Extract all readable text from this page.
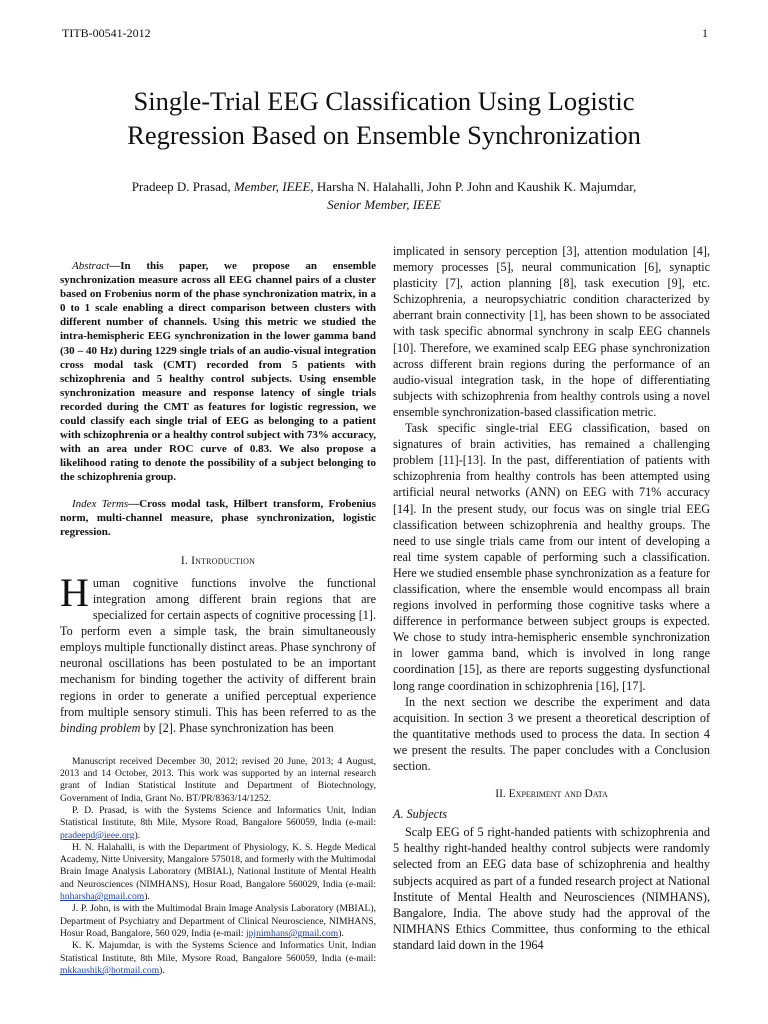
TITB-00541-2012	1
Single-Trial EEG Classification Using Logistic
Regression Based on Ensemble Synchronization
Pradeep D. Prasad, Member, IEEE, Harsha N. Halahalli, John P. John and Kaushik K. Majumdar,
Senior Member, IEEE

Abstract—In this paper, we propose an ensemble synchronization measure across all EEG channel pairs of a cluster based on Frobenius norm of the phase synchronization matrix, in a 0 to 1 scale enabling a direct comparison between clusters with different number of channels. Using this metric we studied the intra-hemispheric EEG synchronization in the lower gamma band (30 – 40 Hz) during 1229 single trials of an audio-visual integration cross modal task (CMT) recorded from 5 patients with schizophrenia and 5 healthy control subjects. Using ensemble synchronization measure and response latency of single trials recorded during the CMT as features for logistic regression, we could classify each single trial of EEG as belonging to a patient with schizophrenia or a healthy control subject with 73% accuracy, with an area under ROC curve of 0.83. We also propose a likelihood rating to denote the possibility of a subject belonging to the schizophrenia group.

Index Terms—Cross modal task, Hilbert transform, Frobenius norm, multi-channel measure, phase synchronization, logistic regression.

I. Introduction

Human cognitive functions involve the functional integration among different brain regions that are specialized for certain aspects of cognitive processing [1]. To perform even a simple task, the brain simultaneously employs multiple functionally distinct areas. Phase synchrony of neuronal oscillations has been postulated to be an important mechanism for binding together the activity of different brain regions in order to generate a unified perceptual experience from multiple sensory stimuli. This has been referred to as the binding problem by [2]. Phase synchronization has been

Manuscript received December 30, 2012; revised 20 June, 2013; 4 August, 2013 and 14 October, 2013. This work was supported by an internal research grant of Indian Statistical Institute and Department of Biotechnology, Government of India, Grant No. BT/PR/8363/14/1252.

P. D. Prasad, is with the Systems Science and Informatics Unit, Indian Statistical Institute, 8th Mile, Mysore Road, Bangalore 560059, India (e-mail: pradeepd@ieee.org).

H. N. Halahalli, is with the Department of Physiology, K. S. Hegde Medical Academy, Nitte University, Mangalore 575018, and formerly with the Multimodal Brain Image Analysis Laboratory (MBIAL), National Institute of Mental Health and Neurosciences (NIMHANS), Hosur Road, Bangalore 560029, India (e-mail: hnharsha@gmail.com).

J. P. John, is with the Multimodal Brain Image Analysis Laboratory (MBIAL), Department of Psychiatry and Department of Clinical Neuroscience, NIMHANS, Hosur Road, Bangalore, 560 029, India (e-mail: jpjnimhans@gmail.com).

K. K. Majumdar, is with the Systems Science and Informatics Unit, Indian Statistical Institute, 8th Mile, Mysore Road, Bangalore 560059, India (e-mail: mkkaushik@hotmail.com).

implicated in sensory perception [3], attention modulation [4], memory processes [5], neural communication [6], synaptic plasticity [7], action planning [8], task execution [9], etc. Schizophrenia, a neuropsychiatric condition characterized by aberrant brain connectivity [1], has been shown to be associated with task specific abnormal synchrony in scalp EEG channels [10]. Therefore, we examined scalp EEG phase synchronization across different brain regions during the performance of an audio-visual integration task, in the hope of differentiating subjects with schizophrenia from healthy controls using a novel ensemble synchronization-based classification metric.

Task specific single-trial EEG classification, based on signatures of brain activities, has remained a challenging problem [11]-[13]. In the past, differentiation of patients with schizophrenia from healthy controls has been attempted using artificial neural networks (ANN) on EEG with 71% accuracy [14]. In the present study, our focus was on single trial EEG classification between schizophrenia and healthy groups. The need to use single trials came from our intent of developing a real time system capable of performing such a classification. Here we studied ensemble phase synchronization as a feature for classification, where the ensemble would encompass all brain regions involved in performing those cognitive tasks where a difference in performance between subject groups is expected. We chose to study intra-hemispheric ensemble synchronization in lower gamma band, which is involved in long range coordination [15], as there are reports suggesting dysfunctional long range coordination in schizophrenia [16], [17].

In the next section we describe the experiment and data acquisition. In section 3 we present a theoretical description of the quantitative methods used to process the data. In section 4 we present the results. The paper concludes with a Conclusion section.

II. Experiment and Data
A. Subjects

Scalp EEG of 5 right-handed patients with schizophrenia and 5 healthy right-handed healthy control subjects were randomly selected from an EEG data base of schizophrenia and healthy subjects acquired as part of a funded research project at National Institute of Mental Health and Neurosciences (NIMHANS), Bangalore, India. The above study had the approval of the NIMHANS Ethics Committee, thus conforming to the ethical standard laid down in the 1964
